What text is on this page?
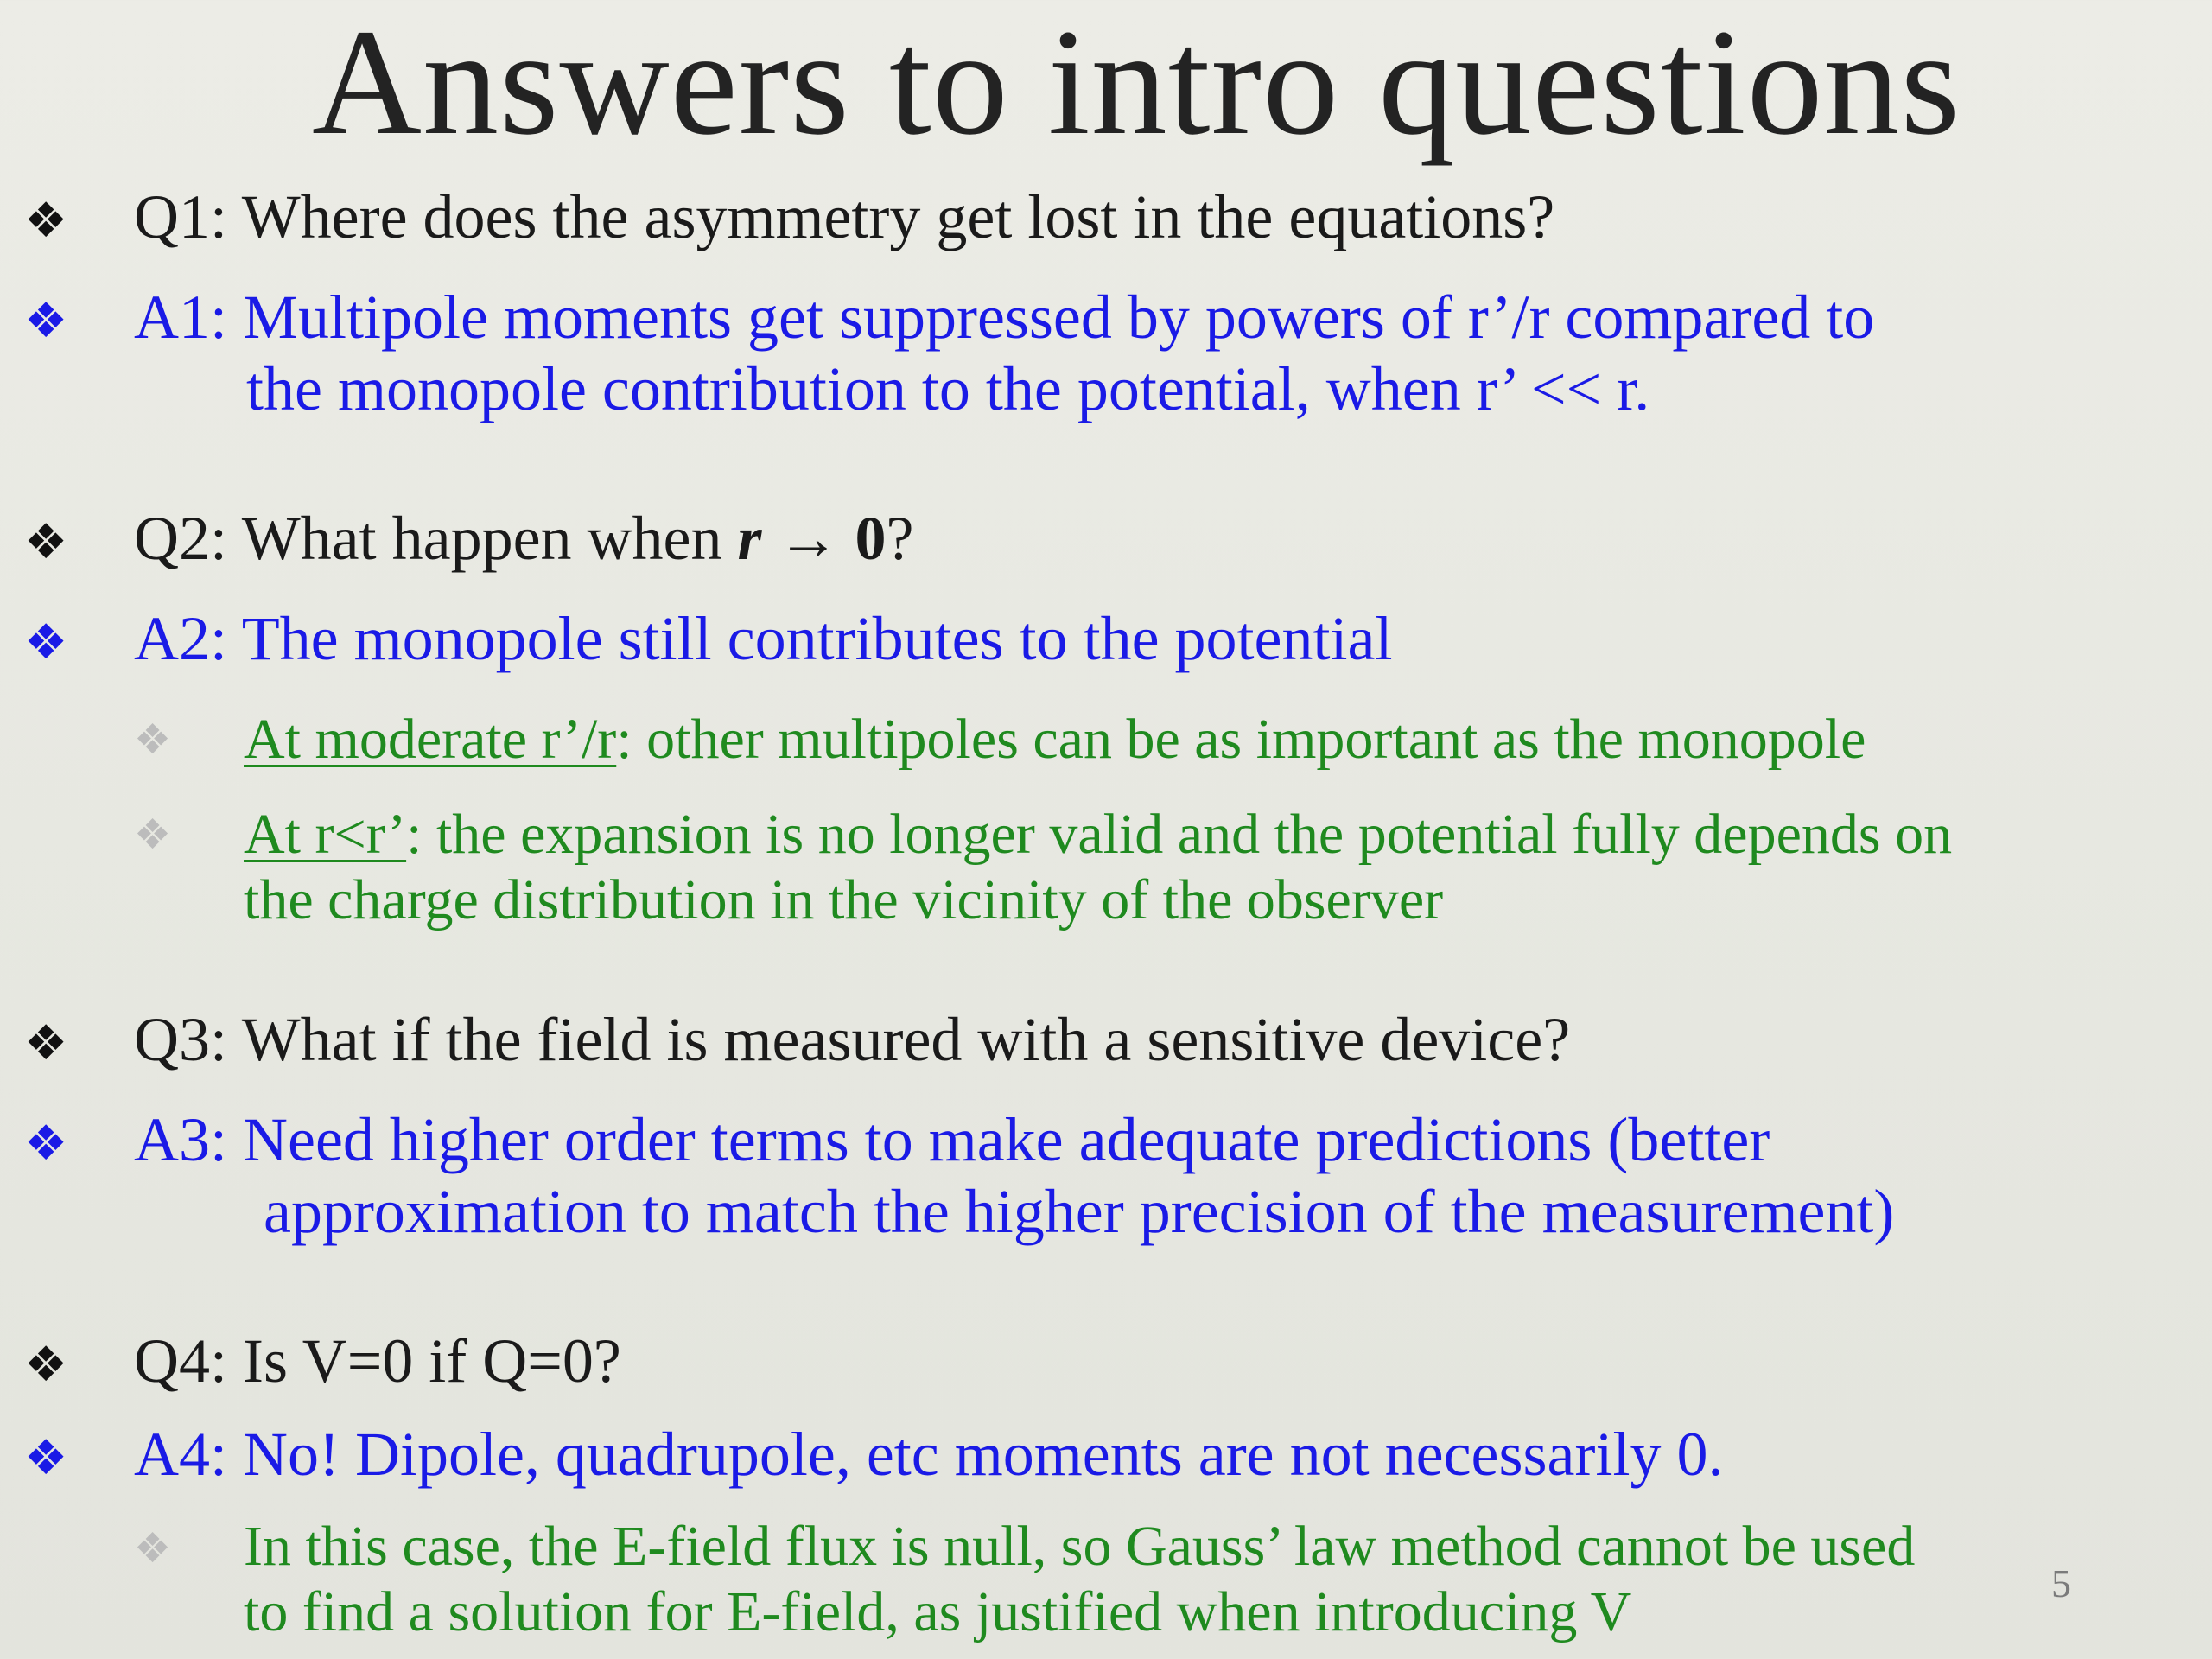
Answers to intro questions
❖ Q1: Where does the asymmetry get lost in the equations?
❖ A1: Multipole moments get suppressed by powers of r’/r compared to
the monopole contribution to the potential, when r’ << r.
❖ Q2: What happen when r → 0?
❖ A2: The monopole still contributes to the potential
❖ At moderate r’/r: other multipoles can be as important as the monopole
❖ At r<r’: the expansion is no longer valid and the potential fully depends on
the charge distribution in the vicinity of the observer
❖ Q3: What if the field is measured with a sensitive device?
❖ A3: Need higher order terms to make adequate predictions (better
approximation to match the higher precision of the measurement)
❖ Q4: Is V=0 if Q=0?
❖ A4: No! Dipole, quadrupole, etc moments are not necessarily 0.
❖ In this case, the E-field flux is null, so Gauss’ law method cannot be used
to find a solution for E-field, as justified when introducing V	5
